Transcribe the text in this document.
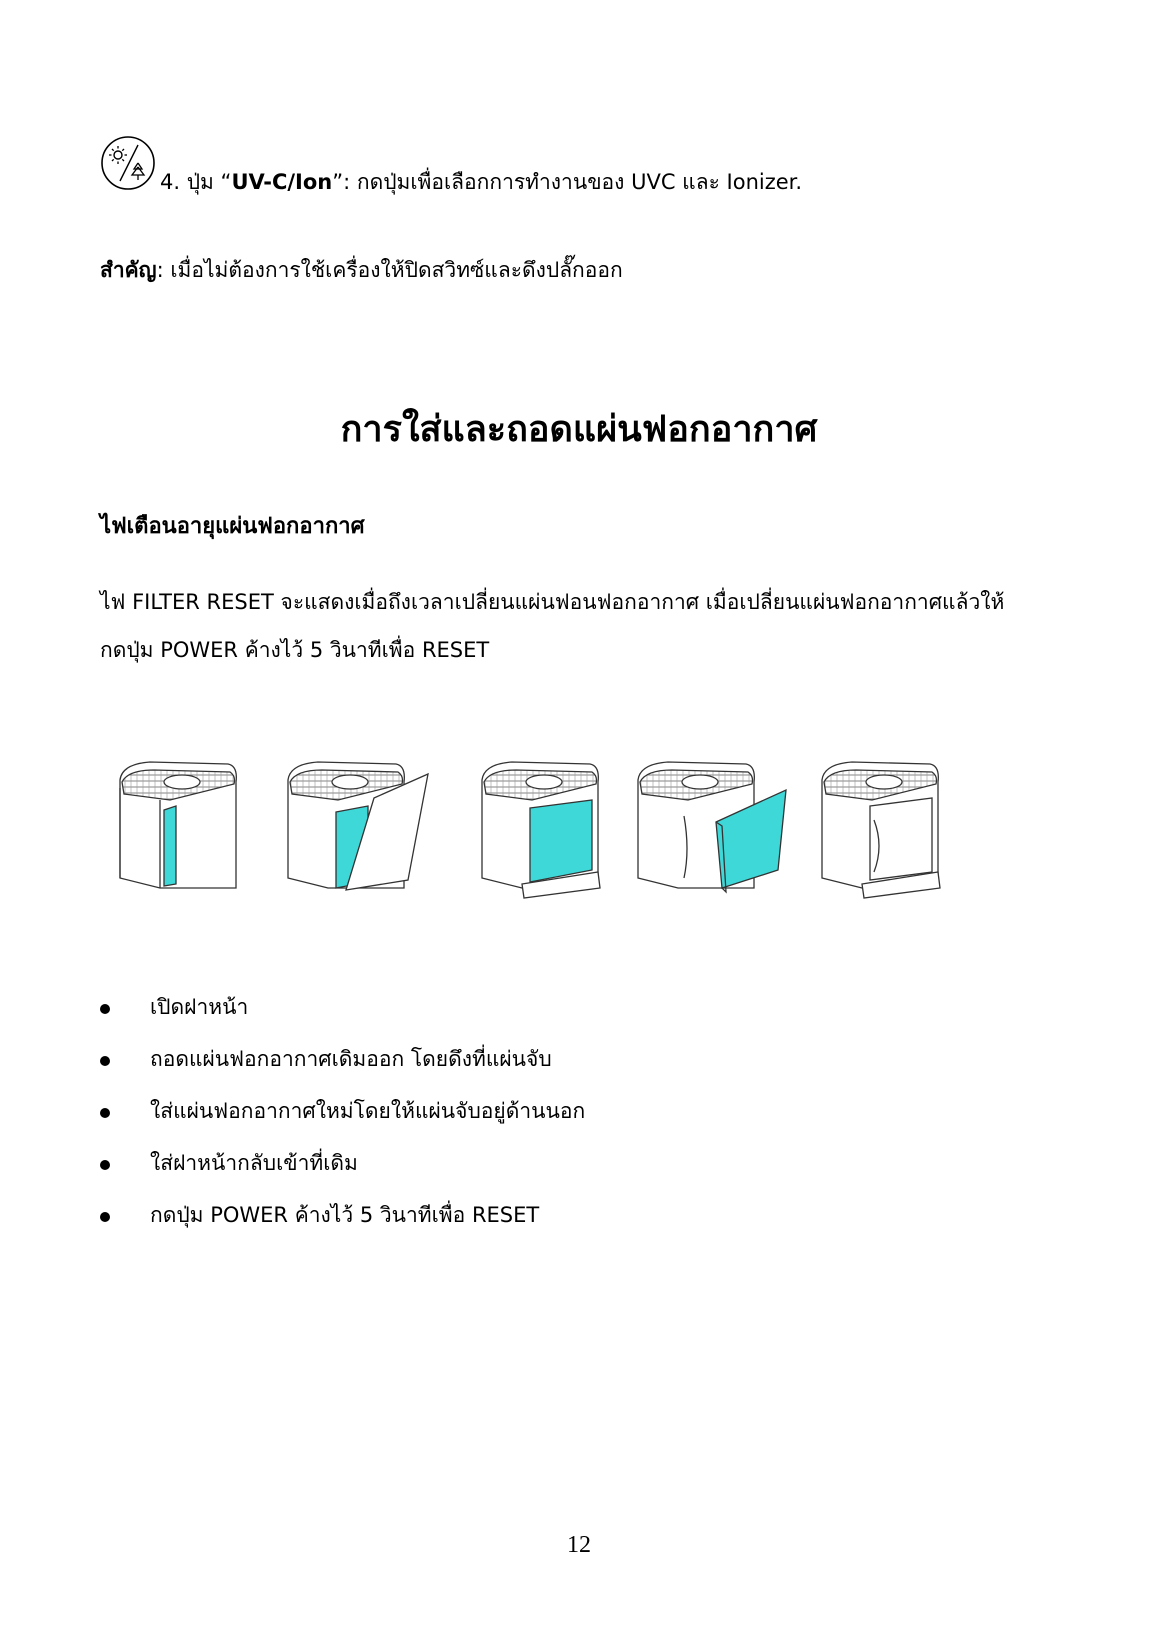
4. ปุ่ม “UV-C/Ion”: กดปุ่มเพื่อเลือกการทำงานของ UVC และ Ionizer.
สำคัญ: เมื่อไม่ต้องการใช้เครื่องให้ปิดสวิทซ์และดึงปลั๊กออก
การใส่และถอดแผ่นฟอกอากาศ
ไฟเตือนอายุแผ่นฟอกอากาศ
ไฟ FILTER RESET จะแสดงเมื่อถึงเวลาเปลี่ยนแผ่นฟอนฟอกอากาศ เมื่อเปลี่ยนแผ่นฟอกอากาศแล้วให้
กดปุ่ม POWER ค้างไว้ 5 วินาทีเพื่อ RESET
เปิดฝาหน้า
ถอดแผ่นฟอกอากาศเดิมออก โดยดึงที่แผ่นจับ
ใส่แผ่นฟอกอากาศใหม่โดยให้แผ่นจับอยู่ด้านนอก
ใส่ฝาหน้ากลับเข้าที่เดิม
กดปุ่ม POWER ค้างไว้ 5 วินาทีเพื่อ RESET
12
